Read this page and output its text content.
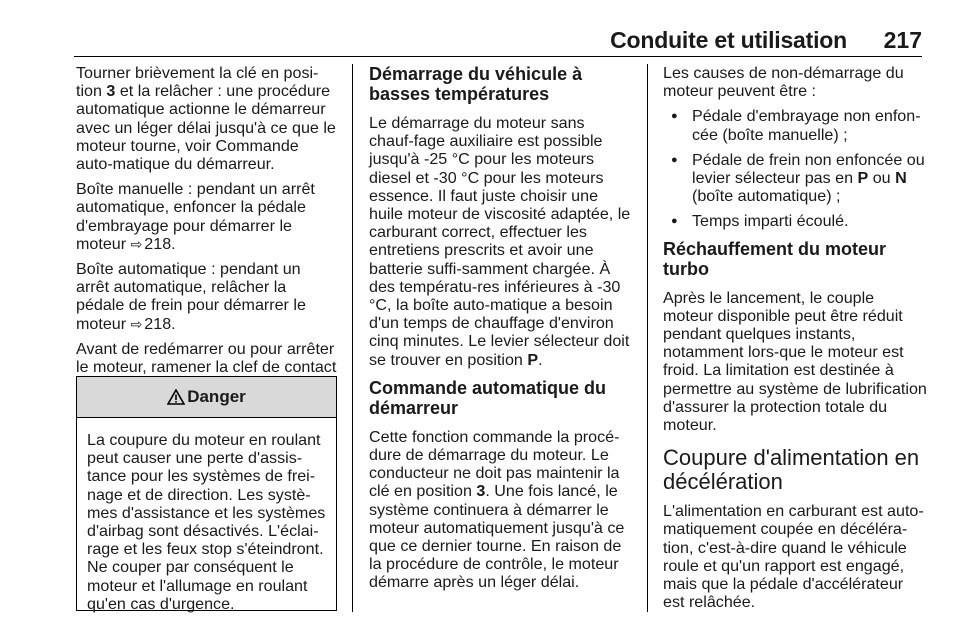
Conduite et utilisation 217

Tourner brièvement la clé en posi-tion 3 et la relâcher : une procédure automatique actionne le démarreur avec un léger délai jusqu'à ce que le moteur tourne, voir Commande auto-matique du démarreur.

Boîte manuelle : pendant un arrêt automatique, enfoncer la pédale d'embrayage pour démarrer le moteur ⇨ 218.

Boîte automatique : pendant un arrêt automatique, relâcher la pédale de frein pour démarrer le moteur ⇨ 218.

Avant de redémarrer ou pour arrêter le moteur, ramener la clef de contact

Danger
La coupure du moteur en roulant peut causer une perte d'assis-tance pour les systèmes de frei-nage et de direction. Les systè-mes d'assistance et les systèmes d'airbag sont désactivés. L'éclai-rage et les feux stop s'éteindront. Ne couper par conséquent le moteur et l'allumage en roulant qu'en cas d'urgence.
Démarrage du véhicule à basses températures

Le démarrage du moteur sans chauf-fage auxiliaire est possible jusqu'à -25 °C pour les moteurs diesel et -30 °C pour les moteurs essence. Il faut juste choisir une huile moteur de viscosité adaptée, le carburant correct, effectuer les entretiens prescrits et avoir une batterie suffi-samment chargée. À des températu-res inférieures à -30 °C, la boîte auto-matique a besoin d'un temps de chauffage d'environ cinq minutes. Le levier sélecteur doit se trouver en position P.

Commande automatique du démarreur

Cette fonction commande la procé-dure de démarrage du moteur. Le conducteur ne doit pas maintenir la clé en position 3. Une fois lancé, le système continuera à démarrer le moteur automatiquement jusqu'à ce que ce dernier tourne. En raison de la procédure de contrôle, le moteur démarre après un léger délai.

Les causes de non-démarrage du moteur peuvent être :

● Pédale d'embrayage non enfon-cée (boîte manuelle) ;
● Pédale de frein non enfoncée ou levier sélecteur pas en P ou N (boîte automatique) ;
● Temps imparti écoulé.
Réchauffement du moteur turbo

Après le lancement, le couple moteur disponible peut être réduit pendant quelques instants, notamment lors-que le moteur est froid. La limitation est destinée à permettre au système de lubrification d'assurer la protection totale du moteur.

Coupure d'alimentation en décélération

L'alimentation en carburant est auto-matiquement coupée en décéléra-tion, c'est-à-dire quand le véhicule roule et qu'un rapport est engagé, mais que la pédale d'accélérateur est relâchée.
